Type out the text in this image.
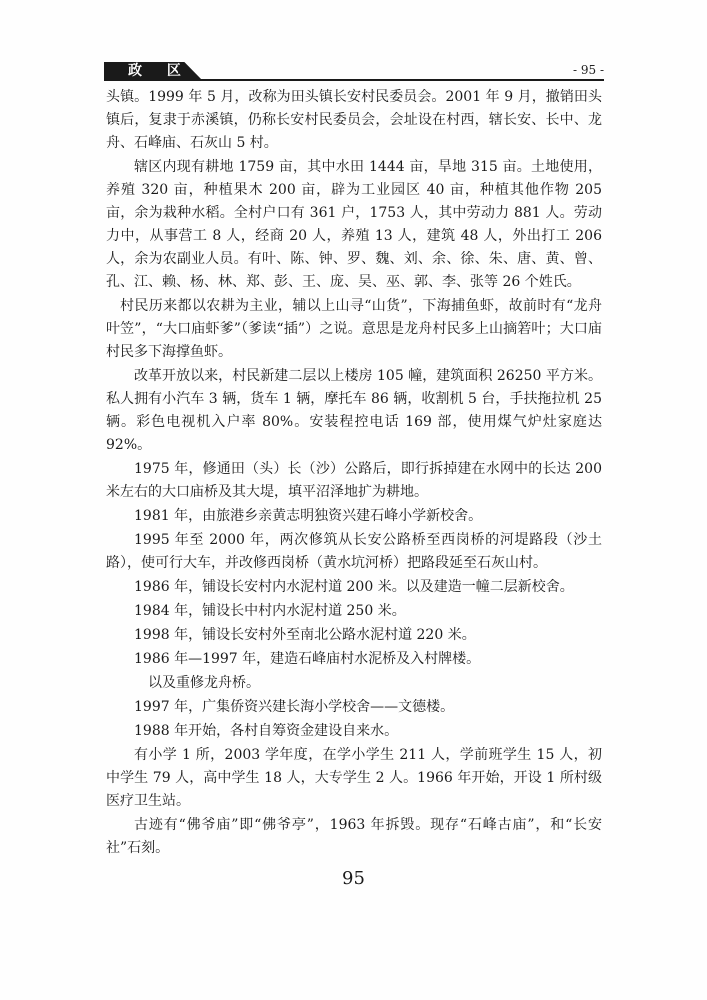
政 区	- 95 -

头镇。1999 年 5 月，改称为田头镇长安村民委员会。2001 年 9 月，撤销田头镇后，复隶于赤溪镇，仍称长安村民委员会，会址设在村西，辖长安、长中、龙舟、石峰庙、石灰山 5 村。

辖区内现有耕地 1759 亩，其中水田 1444 亩，旱地 315 亩。土地使用，养殖 320 亩，种植果木 200 亩，辟为工业园区 40 亩，种植其他作物 205 亩，余为栽种水稻。全村户口有 361 户，1753 人，其中劳动力 881 人。劳动力中，从事营工 8 人，经商 20 人，养殖 13 人，建筑 48 人，外出打工 206 人，余为农副业人员。有叶、陈、钟、罗、魏、刘、余、徐、朱、唐、黄、曾、孔、江、赖、杨、林、郑、彭、王、庞、吴、巫、郭、李、张等 26 个姓氏。

村民历来都以农耕为主业，辅以上山寻“山货”，下海捕鱼虾，故前时有“龙舟叶笠”，“大口庙虾爹”（爹读“插”）之说。意思是龙舟村民多上山摘箬叶；大口庙村民多下海撑鱼虾。

改革开放以来，村民新建二层以上楼房 105 幢，建筑面积 26250 平方米。私人拥有小汽车 3 辆，货车 1 辆，摩托车 86 辆，收割机 5 台，手扶拖拉机 25 辆。彩色电视机入户率 80%。安装程控电话 169 部，使用煤气炉灶家庭达 92%。

1975 年，修通田（头）长（沙）公路后，即行拆掉建在水网中的长达 200 米左右的大口庙桥及其大堤，填平沼泽地扩为耕地。

1981 年，由旅港乡亲黄志明独资兴建石峰小学新校舍。

1995 年至 2000 年，两次修筑从长安公路桥至西岗桥的河堤路段（沙土路），使可行大车，并改修西岗桥（黄水坑河桥）把路段延至石灰山村。

1986 年，铺设长安村内水泥村道 200 米。以及建造一幢二层新校舍。

1984 年，铺设长中村内水泥村道 250 米。

1998 年，铺设长安村外至南北公路水泥村道 220 米。

1986 年—1997 年，建造石峰庙村水泥桥及入村牌楼。

以及重修龙舟桥。

1997 年，广集侨资兴建长海小学校舍——文德楼。

1988 年开始，各村自筹资金建设自来水。

有小学 1 所，2003 学年度，在学小学生 211 人，学前班学生 15 人，初中学生 79 人，高中学生 18 人，大专学生 2 人。1966 年开始，开设 1 所村级医疗卫生站。

古迹有“佛爷庙”即“佛爷亭”，1963 年拆毁。现存“石峰古庙”，和“长安社”石刻。

95
